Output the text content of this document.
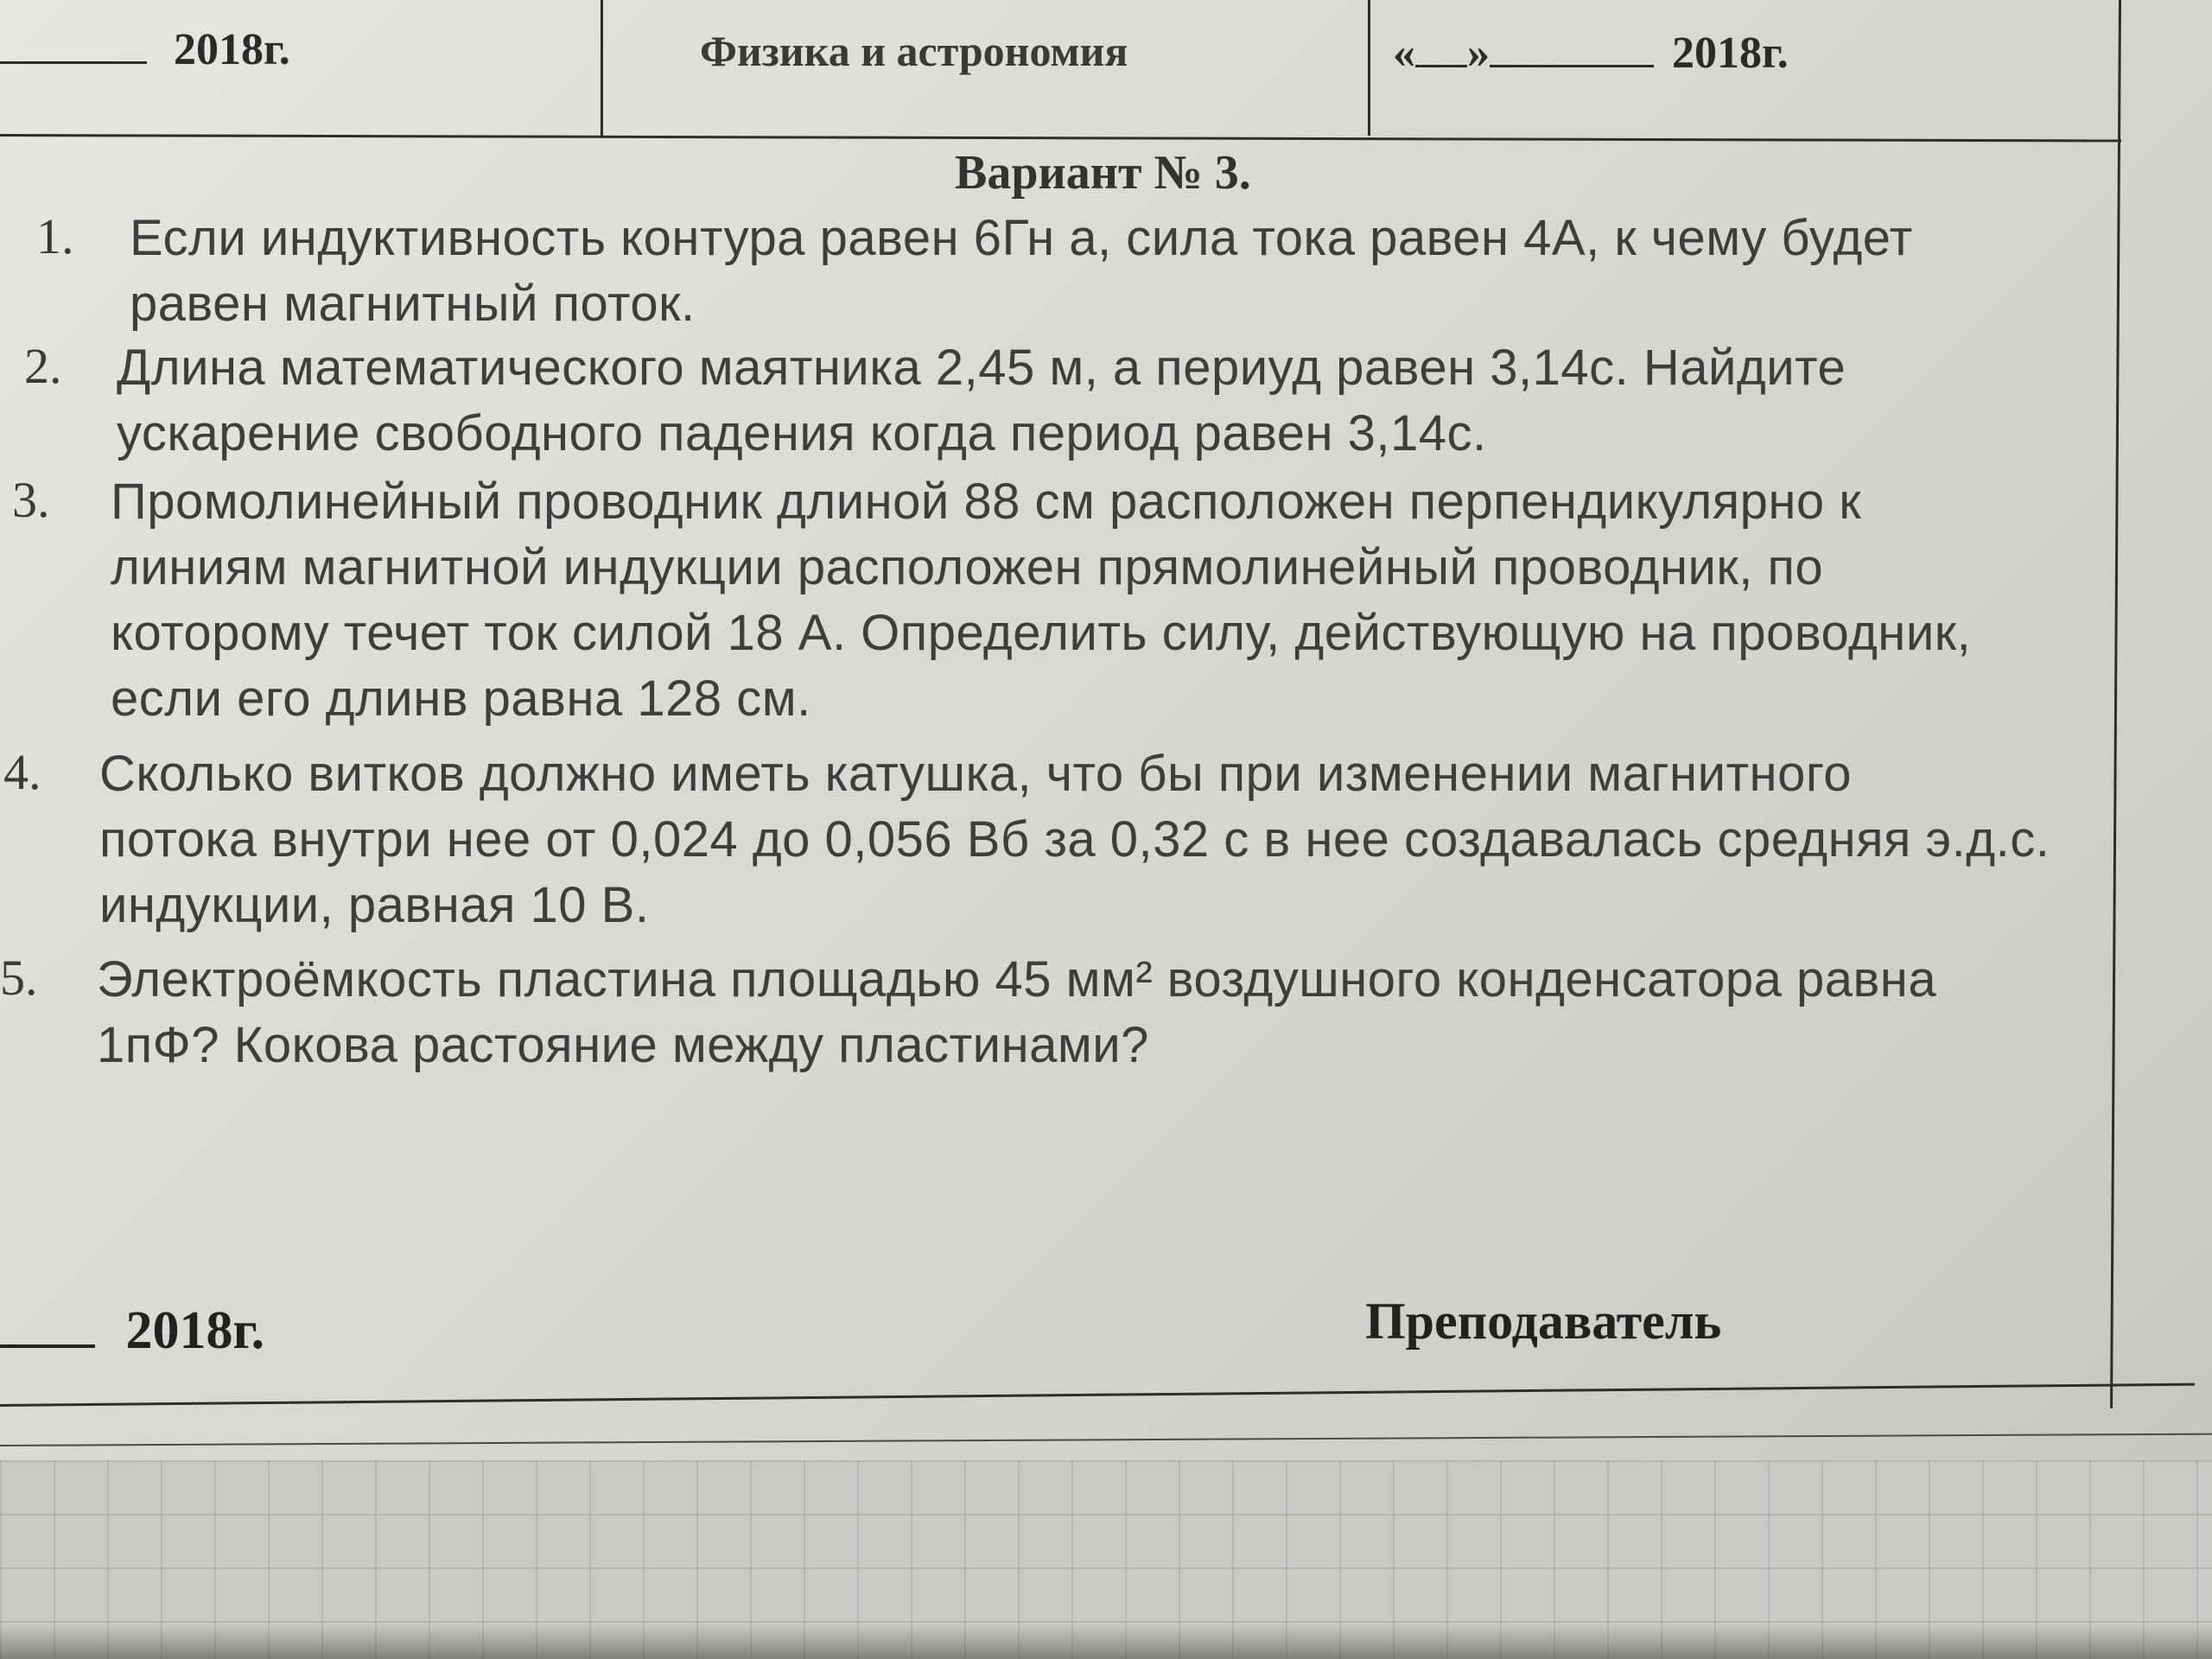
2018г.	Физика и астрономия	« »	2018г.
Вариант № 3.
1. Если индуктивность контура равен 6Гн а, сила тока равен 4А, к чему будет
равен магнитный поток.
2. Длина математического маятника 2,45 м, а периуд равен 3,14с. Найдите
ускарение свободного падения когда период равен 3,14с.
3. Промолинейный проводник длиной 88 см расположен перпендикулярно к
линиям магнитной индукции расположен прямолинейный проводник, по
которому течет ток силой 18 А. Определить силу, действующую на проводник,
если его длинв равна 128 см.
4. Сколько витков должно иметь катушка, что бы при изменении магнитного
потока внутри нее от 0,024 до 0,056 Вб за 0,32 с в нее создавалась средняя э.д.с.
индукции, равная 10 В.
5. Электроёмкость пластина площадью 45 мм² воздушного конденсатора равна
1пФ? Кокова растояние между пластинами?
2018г.	Преподаватель
